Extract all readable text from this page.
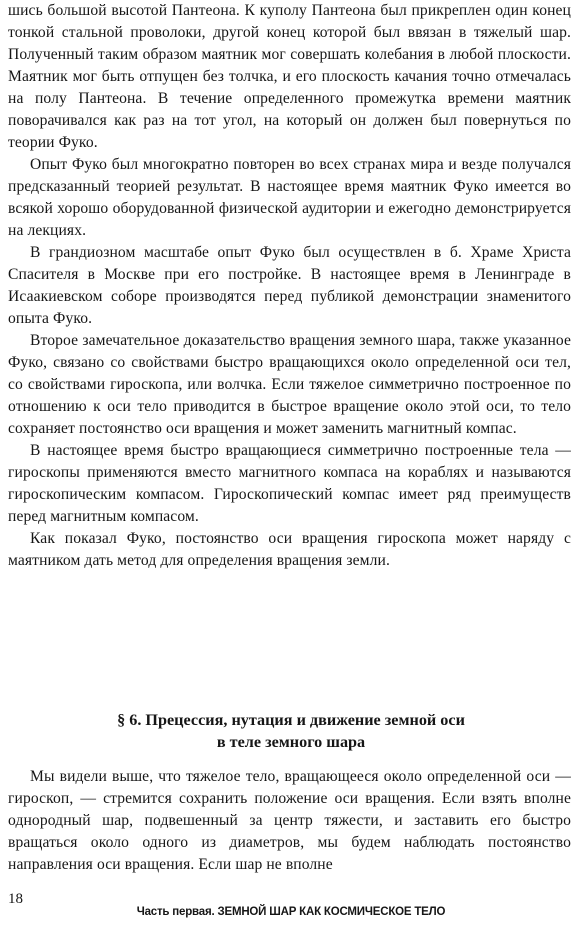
шись большой высотой Пантеона. К куполу Пантеона был прикреплен один конец тонкой стальной проволоки, другой конец которой был ввязан в тяжелый шар. Полученный таким образом маятник мог совершать колебания в любой плоскости. Маятник мог быть отпущен без толчка, и его плоскость качания точно отмечалась на полу Пантеона. В течение определенного промежутка времени маятник поворачивался как раз на тот угол, на который он должен был повернуться по теории Фуко.

Опыт Фуко был многократно повторен во всех странах мира и везде получался предсказанный теорией результат. В настоящее время маятник Фуко имеется во всякой хорошо оборудованной физической аудитории и ежегодно демонстрируется на лекциях.

В грандиозном масштабе опыт Фуко был осуществлен в б. Храме Христа Спасителя в Москве при его постройке. В настоящее время в Ленинграде в Исаакиевском соборе производятся перед публикой демонстрации знаменитого опыта Фуко.

Второе замечательное доказательство вращения земного шара, также указанное Фуко, связано со свойствами быстро вращающихся около определенной оси тел, со свойствами гироскопа, или волчка. Если тяжелое симметрично построенное по отношению к оси тело приводится в быстрое вращение около этой оси, то тело сохраняет постоянство оси вращения и может заменить магнитный компас.

В настоящее время быстро вращающиеся симметрично построенные тела — гироскопы применяются вместо магнитного компаса на кораблях и называются гироскопическим компасом. Гироскопический компас имеет ряд преимуществ перед магнитным компасом.

Как показал Фуко, постоянство оси вращения гироскопа может наряду с маятником дать метод для определения вращения земли.

§ 6. Прецессия, нутация и движение земной оси
в теле земного шара

Мы видели выше, что тяжелое тело, вращающееся около определенной оси — гироскоп, — стремится сохранить положение оси вращения. Если взять вполне однородный шар, подвешенный за центр тяжести, и заставить его быстро вращаться около одного из диаметров, мы будем наблюдать постоянство направления оси вращения. Если шар не вполне

18
Часть первая. ЗЕМНОЙ ШАР КАК КОСМИЧЕСКОЕ ТЕЛО
